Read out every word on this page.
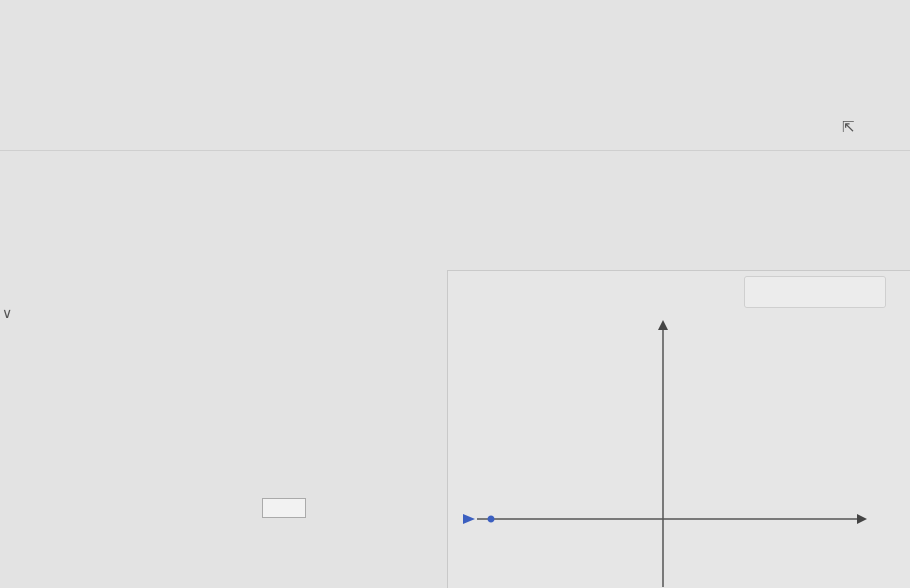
⇱
∨
